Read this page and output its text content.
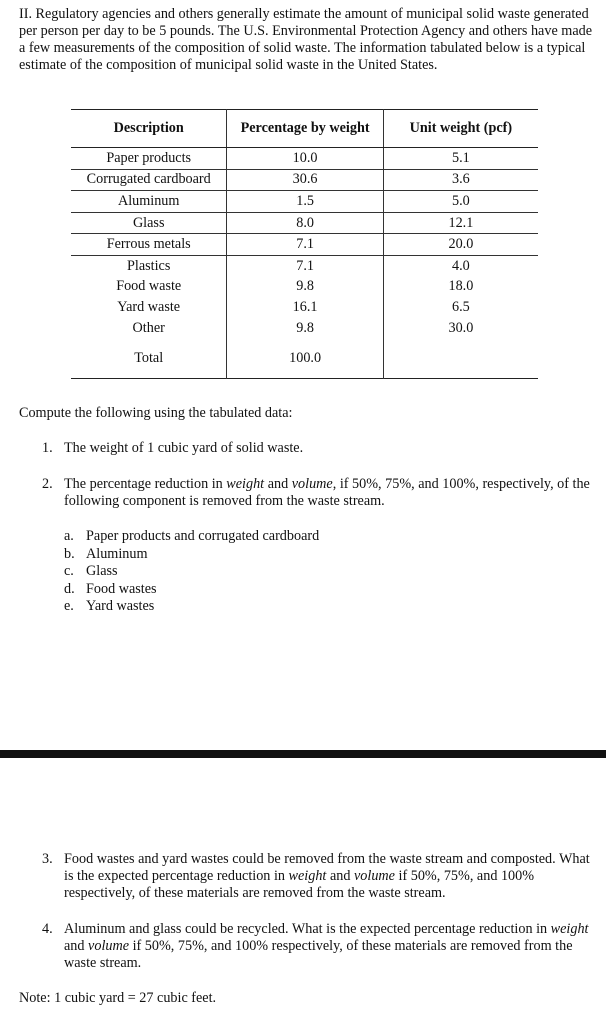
II. Regulatory agencies and others generally estimate the amount of municipal solid waste generated per person per day to be 5 pounds. The U.S. Environmental Protection Agency and others have made a few measurements of the composition of solid waste. The information tabulated below is a typical estimate of the composition of municipal solid waste in the United States.
Description	Percentage by weight	Unit weight (pcf)
Paper products	10.0	5.1
Corrugated cardboard	30.6	3.6
Aluminum	1.5	5.0
Glass	8.0	12.1
Ferrous metals	7.1	20.0
Plastics	7.1	4.0
Food waste	9.8	18.0
Yard waste	16.1	6.5
Other	9.8	30.0
Total	100.0	
Compute the following using the tabulated data:
1. The weight of 1 cubic yard of solid waste.
2. The percentage reduction in weight and volume, if 50%, 75%, and 100%, respectively, of the following component is removed from the waste stream.
a. Paper products and corrugated cardboard
b. Aluminum
c. Glass
d. Food wastes
e. Yard wastes
3. Food wastes and yard wastes could be removed from the waste stream and composted. What is the expected percentage reduction in weight and volume if 50%, 75%, and 100% respectively, of these materials are removed from the waste stream.
4. Aluminum and glass could be recycled. What is the expected percentage reduction in weight and volume if 50%, 75%, and 100% respectively, of these materials are removed from the waste stream.
Note: 1 cubic yard = 27 cubic feet.
